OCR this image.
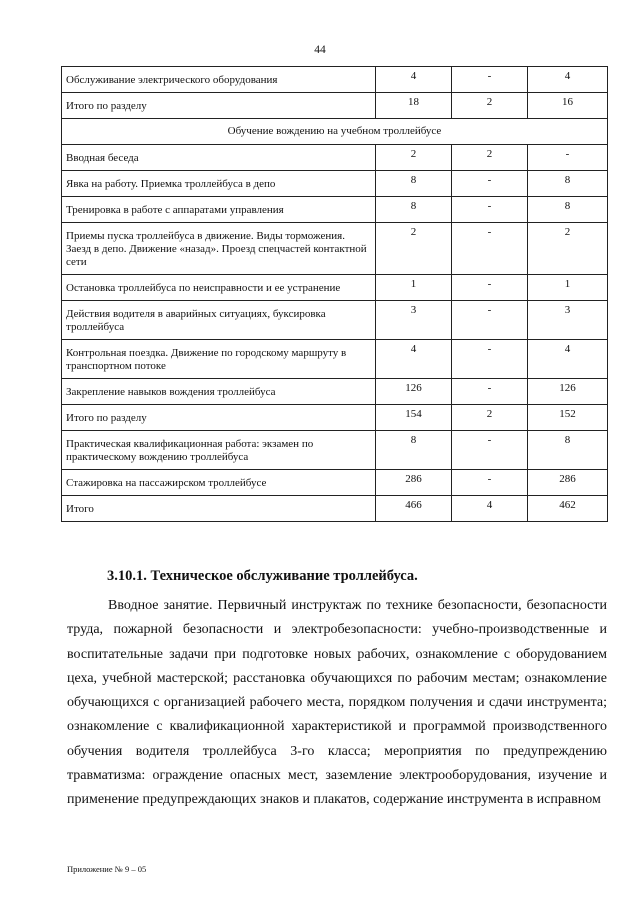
44
Обслуживание электрического оборудования	4	-	4
Итого по разделу	18	2	16
Обучение вождению на учебном троллейбусе			
Вводная беседа	2	2	-
Явка на работу. Приемка троллейбуса в депо	8	-	8
Тренировка в работе с аппаратами управления	8	-	8
Приемы пуска троллейбуса в движение. Виды торможения. Заезд в депо. Движение «назад». Проезд спецчастей контактной сети	2	-	2
Остановка троллейбуса по неисправности и ее устранение	1	-	1
Действия водителя в аварийных ситуациях, буксировка троллейбуса	3	-	3
Контрольная поездка. Движение по городскому маршруту в транспортном потоке	4	-	4
Закрепление навыков вождения троллейбуса	126	-	126
Итого по разделу	154	2	152
Практическая квалификационная работа: экзамен по практическому вождению троллейбуса	8	-	8
Стажировка на пассажирском троллейбусе	286	-	286
Итого	466	4	462
3.10.1. Техническое обслуживание троллейбуса.

Вводное занятие. Первичный инструктаж по технике безопасности, безопасности труда, пожарной безопасности и электробезопасности: учебно-производственные и воспитательные задачи при подготовке новых рабочих, ознакомление с оборудованием цеха, учебной мастерской; расстановка обучающихся по рабочим местам; ознакомление обучающихся с организацией рабочего места, порядком получения и сдачи инструмента; ознакомление с квалификационной характеристикой и программой производственного обучения водителя троллейбуса 3-го класса; мероприятия по предупреждению травматизма: ограждение опасных мест, заземление электрооборудования, изучение и применение предупреждающих знаков и плакатов, содержание инструмента в исправном

Приложение № 9 – 05
